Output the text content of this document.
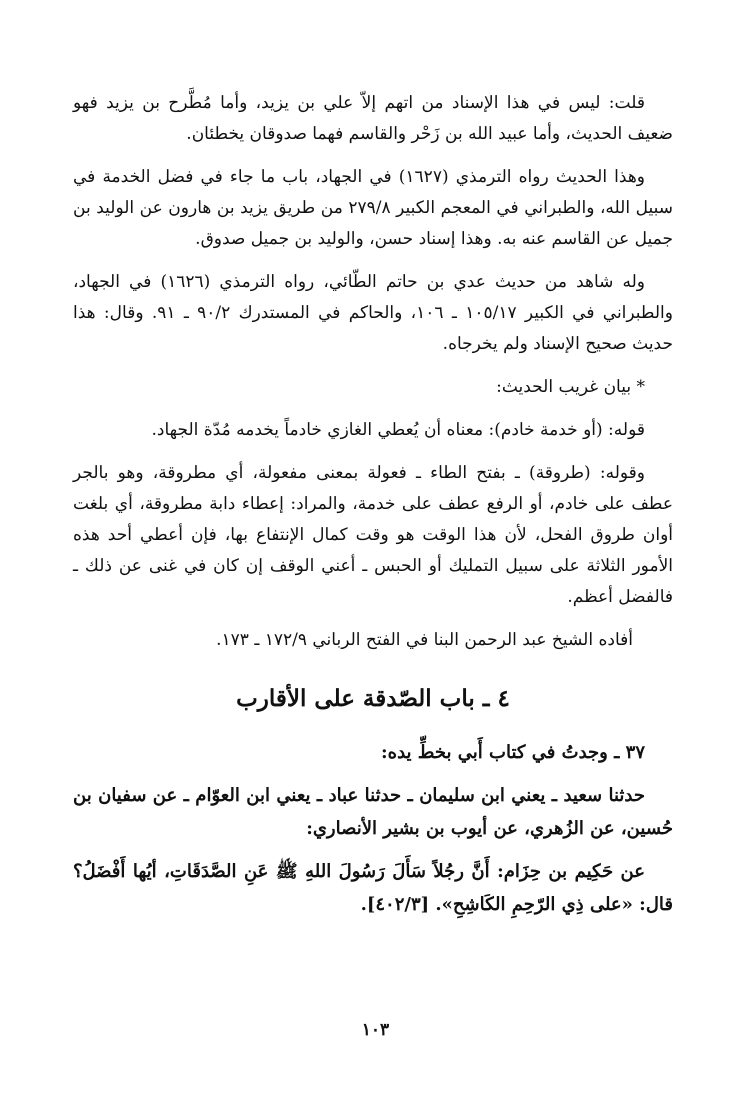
قلت: ليس في هذا الإسناد من اتهم إلاّ علي بن يزيد، وأما مُطَّرح بن يزيد فهو ضعيف الحديث، وأما عبيد الله بن زَحْر والقاسم فهما صدوقان يخطئان.

وهذا الحديث رواه الترمذي (١٦٢٧) في الجهاد، باب ما جاء في فضل الخدمة في سبيل الله، والطبراني في المعجم الكبير ٢٧٩/٨ من طريق يزيد بن هارون عن الوليد بن جميل عن القاسم عنه به. وهذا إسناد حسن، والوليد بن جميل صدوق.

وله شاهد من حديث عدي بن حاتم الطّائي، رواه الترمذي (١٦٢٦) في الجهاد، والطبراني في الكبير ١٠٥/١٧ ـ ١٠٦، والحاكم في المستدرك ٩٠/٢ ـ ٩١. وقال: هذا حديث صحيح الإسناد ولم يخرجاه.

* بيان غريب الحديث:

قوله: (أو خدمة خادم): معناه أن يُعطي الغازي خادماً يخدمه مُدّة الجهاد.

وقوله: (طروقة) ـ بفتح الطاء ـ فعولة بمعنى مفعولة، أي مطروقة، وهو بالجر عطف على خادم، أو الرفع عطف على خدمة، والمراد: إعطاء دابة مطروقة، أي بلغت أوان طروق الفحل، لأن هذا الوقت هو وقت كمال الإنتفاع بها، فإن أعطي أحد هذه الأمور الثلاثة على سبيل التمليك أو الحبس ـ أعني الوقف إن كان في غنى عن ذلك ـ فالفضل أعظم.

أفاده الشيخ عبد الرحمن البنا في الفتح الرباني ١٧٢/٩ ـ ١٧٣.

٤ ـ باب الصّدقة على الأقارب

٣٧ ـ وجدتُ في كتاب أَبي بخطِّ يده:

حدثنا سعيد ـ يعني ابن سليمان ـ حدثنا عباد ـ يعني ابن العوّام ـ عن سفيان بن حُسين، عن الزُهري، عن أيوب بن بشير الأنصاري:

عن حَكِيم بن حِزَام: أَنَّ رجُلاً سَأَلَ رَسُولَ اللهِ ﷺ عَنِ الصَّدَقَاتِ، أيُها أَفْضَلُ؟ قال: «على ذِي الرّحِمِ الكَاشِحِ». [٤٠٢/٣].

١٠٣
